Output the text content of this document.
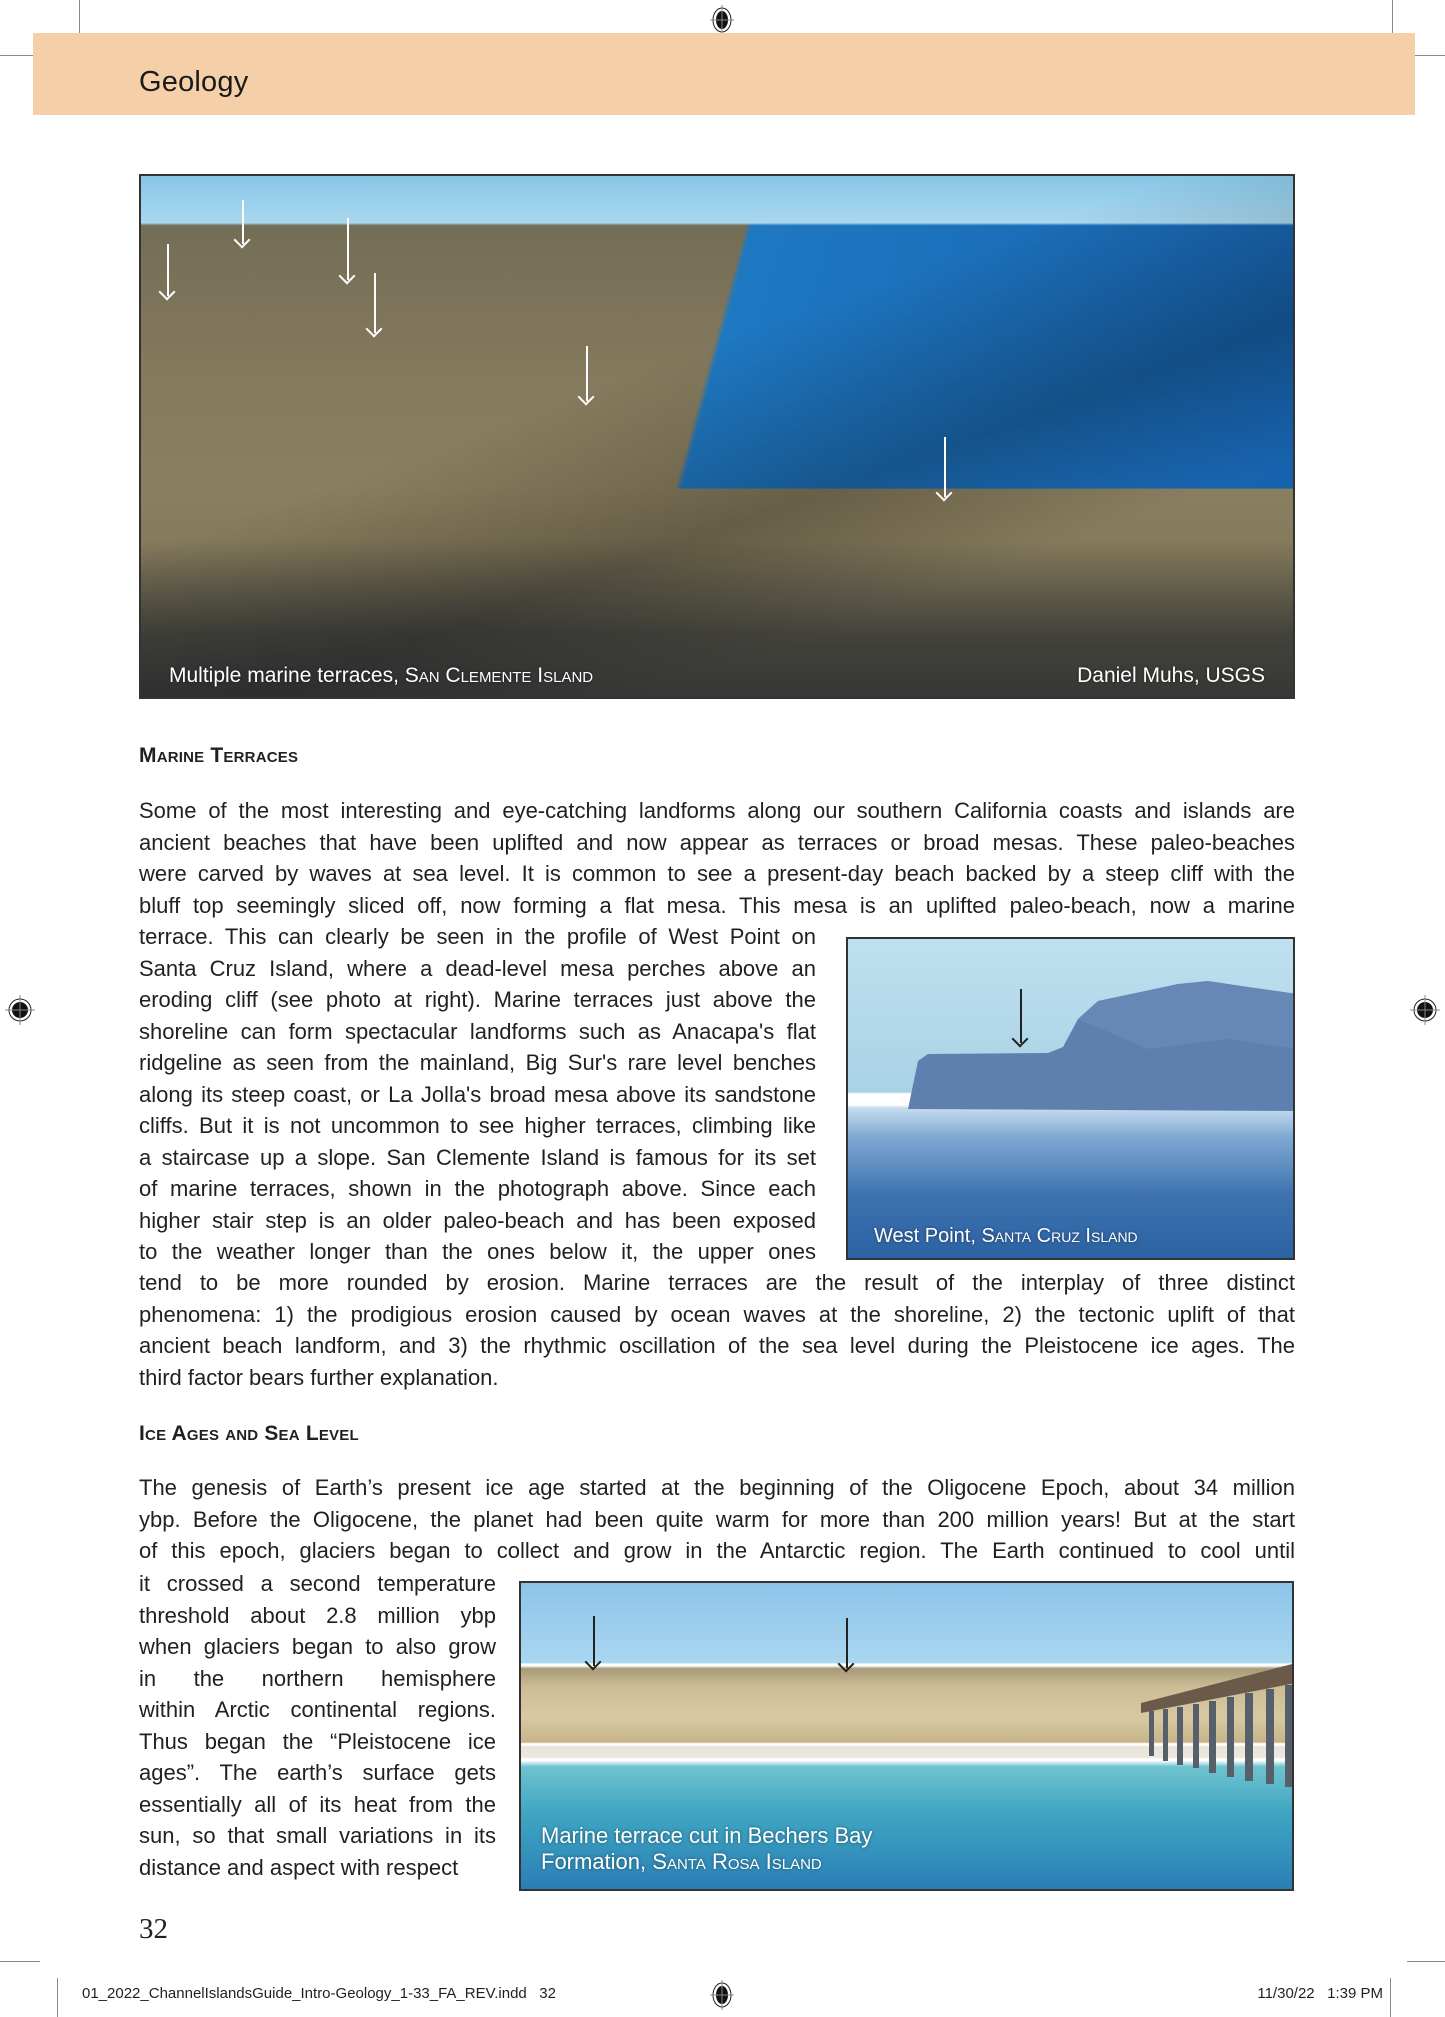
Geology
Multiple marine terraces, San Clemente Island	Daniel Muhs, USGS
Marine Terraces
Some of the most interesting and eye-catching landforms along our southern California coasts and islands are
ancient beaches that have been uplifted and now appear as terraces or broad mesas. These paleo-beaches
were carved by waves at sea level. It is common to see a present-day beach backed by a steep cliff with the
bluff top seemingly sliced off, now forming a flat mesa. This mesa is an uplifted paleo-beach, now a marine
terrace. This can clearly be seen in the profile of West Point on
Santa Cruz Island, where a dead-level mesa perches above an
eroding cliff (see photo at right). Marine terraces just above the
shoreline can form spectacular landforms such as Anacapa's flat
ridgeline as seen from the mainland, Big Sur's rare level benches
along its steep coast, or La Jolla's broad mesa above its sandstone
cliffs. But it is not uncommon to see higher terraces, climbing like
a staircase up a slope. San Clemente Island is famous for its set
of marine terraces, shown in the photograph above. Since each
higher stair step is an older paleo-beach and has been exposed
to the weather longer than the ones below it, the upper ones
West Point, Santa Cruz Island
tend to be more rounded by erosion. Marine terraces are the result of the interplay of three distinct
phenomena: 1) the prodigious erosion caused by ocean waves at the shoreline, 2) the tectonic uplift of that
ancient beach landform, and 3) the rhythmic oscillation of the sea level during the Pleistocene ice ages. The
third factor bears further explanation.
Ice Ages and Sea Level
The genesis of Earth’s present ice age started at the beginning of the Oligocene Epoch, about 34 million
ybp. Before the Oligocene, the planet had been quite warm for more than 200 million years! But at the start
of this epoch, glaciers began to collect and grow in the Antarctic region. The Earth continued to cool until
it crossed a second temperature
threshold about 2.8 million ybp
when glaciers began to also grow
in the northern hemisphere
within Arctic continental regions.
Thus began the “Pleistocene ice
ages”. The earth’s surface gets
essentially all of its heat from the
sun, so that small variations in its
distance and aspect with respect
Marine terrace cut in Bechers Bay
Formation, Santa Rosa Island
32
01_2022_ChannelIslandsGuide_Intro-Geology_1-33_FA_REV.indd   32	11/30/22   1:39 PM
